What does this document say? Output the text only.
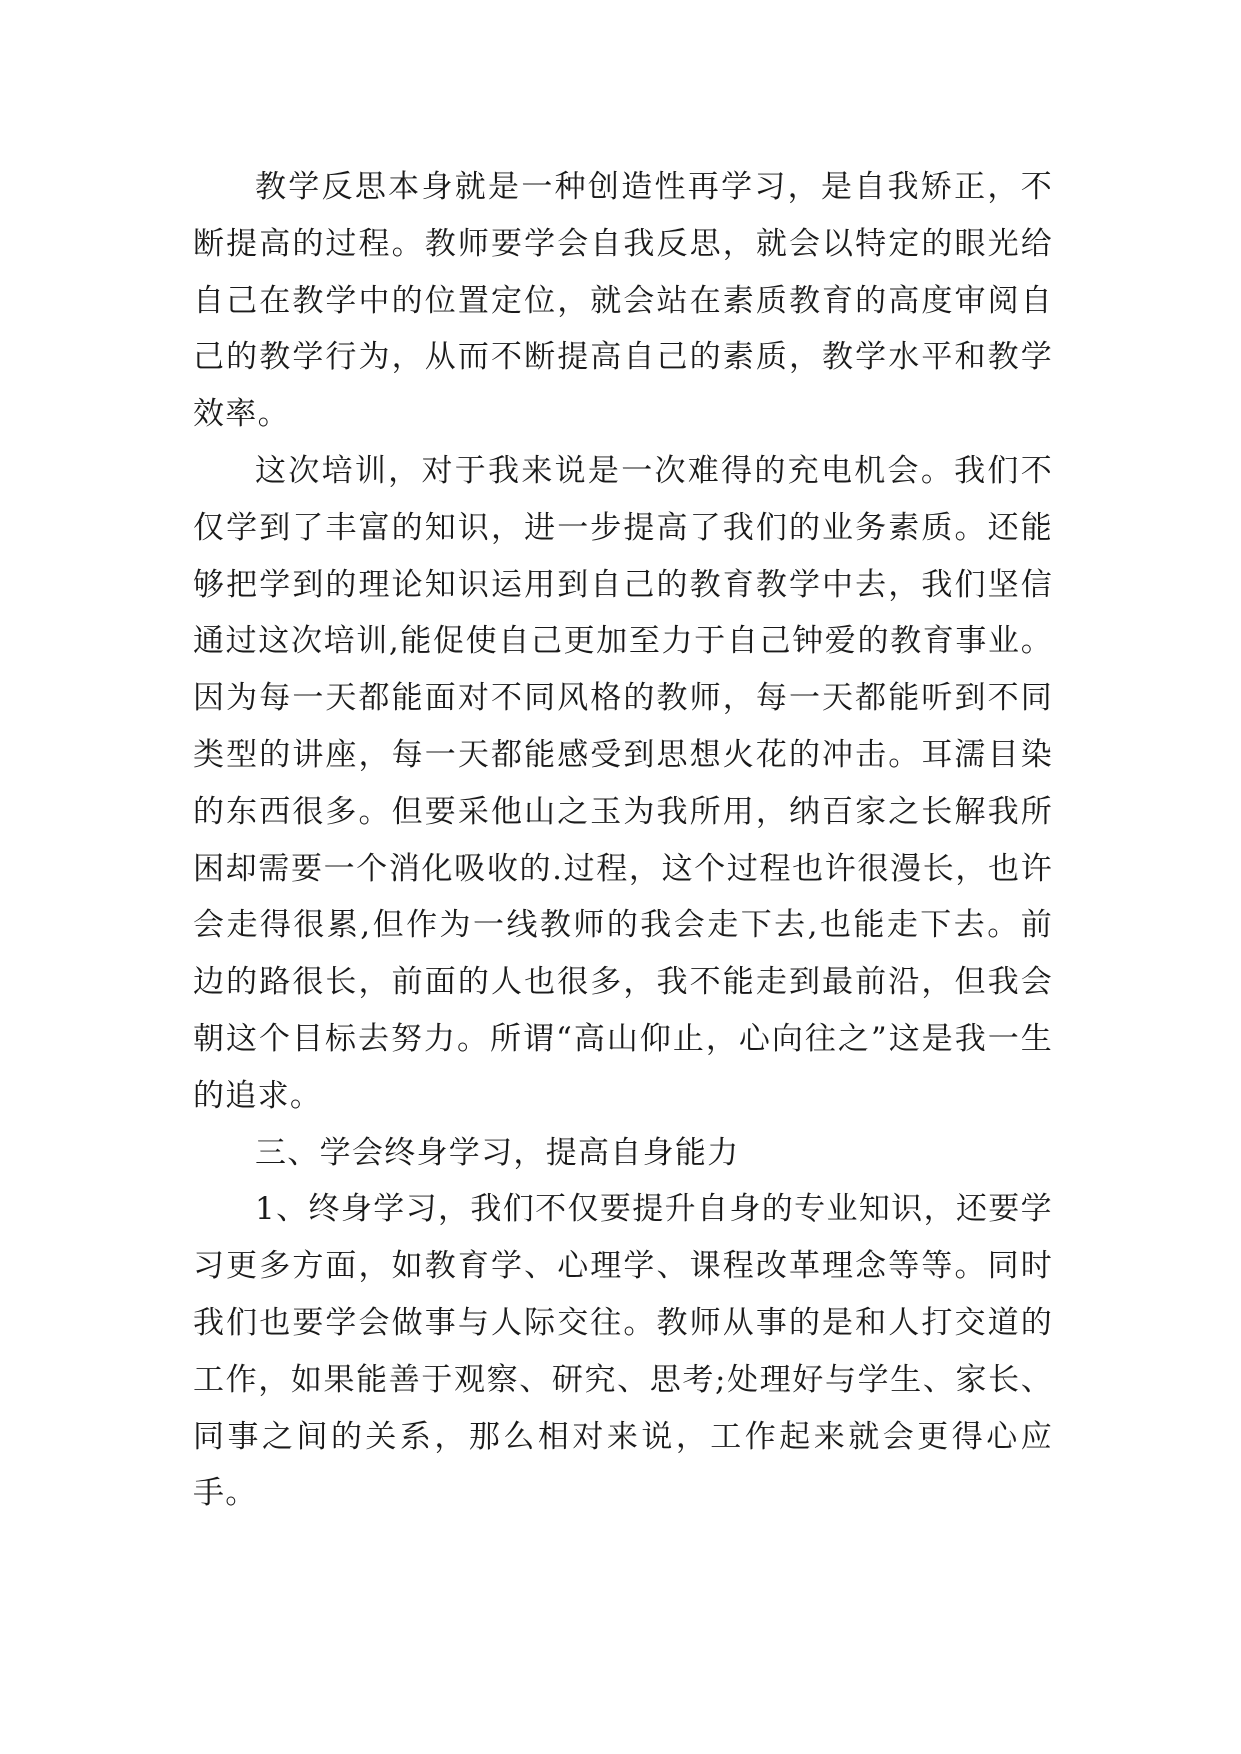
教学反思本身就是一种创造性再学习，是自我矫正，不断提高的过程。教师要学会自我反思，就会以特定的眼光给自己在教学中的位置定位，就会站在素质教育的高度审阅自己的教学行为，从而不断提高自己的素质，教学水平和教学效率。

这次培训，对于我来说是一次难得的充电机会。我们不仅学到了丰富的知识，进一步提高了我们的业务素质。还能够把学到的理论知识运用到自己的教育教学中去，我们坚信通过这次培训,能促使自己更加至力于自己钟爱的教育事业。因为每一天都能面对不同风格的教师，每一天都能听到不同类型的讲座，每一天都能感受到思想火花的冲击。耳濡目染的东西很多。但要采他山之玉为我所用，纳百家之长解我所困却需要一个消化吸收的.过程，这个过程也许很漫长，也许会走得很累,但作为一线教师的我会走下去,也能走下去。前边的路很长，前面的人也很多，我不能走到最前沿，但我会朝这个目标去努力。所谓“高山仰止，心向往之”这是我一生的追求。

三、学会终身学习，提高自身能力

1、终身学习，我们不仅要提升自身的专业知识，还要学习更多方面，如教育学、心理学、课程改革理念等等。同时我们也要学会做事与人际交往。教师从事的是和人打交道的工作，如果能善于观察、研究、思考;处理好与学生、家长、同事之间的关系，那么相对来说，工作起来就会更得心应手。
